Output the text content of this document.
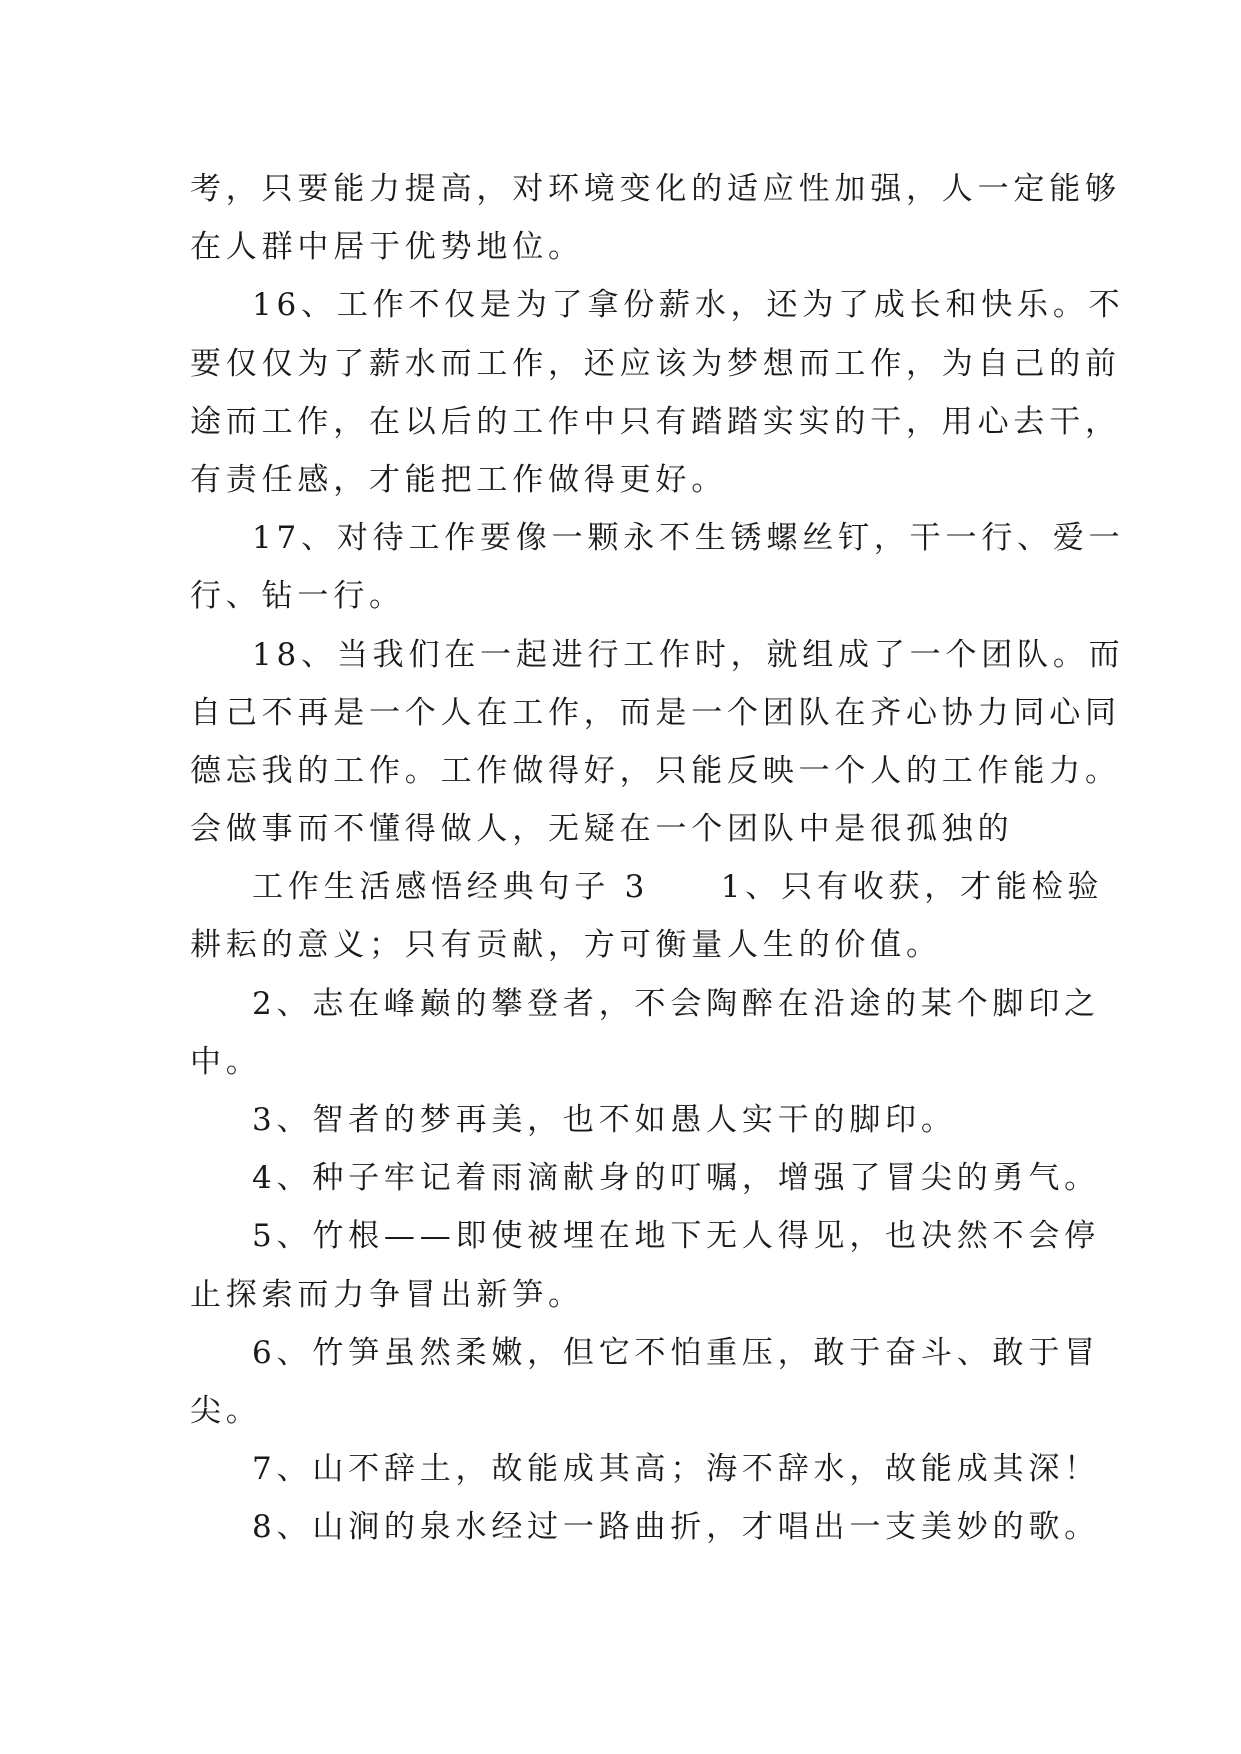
考，只要能力提高，对环境变化的适应性加强，人一定能够
在人群中居于优势地位。
16、工作不仅是为了拿份薪水，还为了成长和快乐。不
要仅仅为了薪水而工作，还应该为梦想而工作，为自己的前
途而工作，在以后的工作中只有踏踏实实的干，用心去干，
有责任感，才能把工作做得更好。
17、对待工作要像一颗永不生锈螺丝钉，干一行、爱一
行、钻一行。
18、当我们在一起进行工作时，就组成了一个团队。而
自己不再是一个人在工作，而是一个团队在齐心协力同心同
德忘我的工作。工作做得好，只能反映一个人的工作能力。
会做事而不懂得做人，无疑在一个团队中是很孤独的
工作生活感悟经典句子 3　　1、只有收获，才能检验
耕耘的意义；只有贡献，方可衡量人生的价值。
2、志在峰巅的攀登者，不会陶醉在沿途的某个脚印之
中。
3、智者的梦再美，也不如愚人实干的脚印。
4、种子牢记着雨滴献身的叮嘱，增强了冒尖的勇气。
5、竹根——即使被埋在地下无人得见，也决然不会停
止探索而力争冒出新笋。
6、竹笋虽然柔嫩，但它不怕重压，敢于奋斗、敢于冒
尖。
7、山不辞土，故能成其高；海不辞水，故能成其深！
8、山涧的泉水经过一路曲折，才唱出一支美妙的歌。
